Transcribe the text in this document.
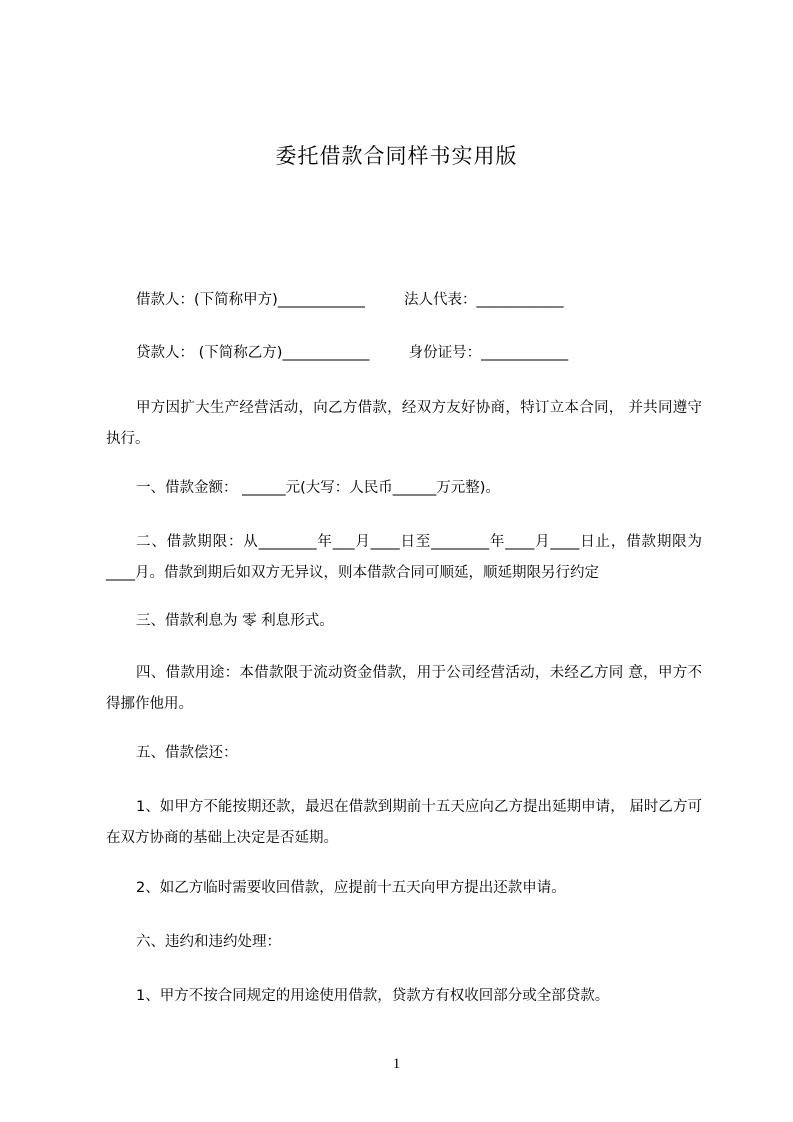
委托借款合同样书实用版
借款人：(下简称甲方)____________	法人代表：____________
贷款人： (下简称乙方)____________	身份证号：____________
甲方因扩大生产经营活动，向乙方借款，经双方友好协商，特订立本合同， 并共同遵守执行。
一、借款金额： ______元(大写：人民币______万元整)。
二、借款期限：从________年___月____日至________年____月____日止，借款期限为____月。借款到期后如双方无异议，则本借款合同可顺延，顺延期限另行约定
三、借款利息为 零 利息形式。
四、借款用途：本借款限于流动资金借款，用于公司经营活动，未经乙方同 意，甲方不得挪作他用。
五、借款偿还：
1、如甲方不能按期还款，最迟在借款到期前十五天应向乙方提出延期申请， 届时乙方可在双方协商的基础上决定是否延期。
2、如乙方临时需要收回借款，应提前十五天向甲方提出还款申请。
六、违约和违约处理：
1、甲方不按合同规定的用途使用借款，贷款方有权收回部分或全部贷款。
1
